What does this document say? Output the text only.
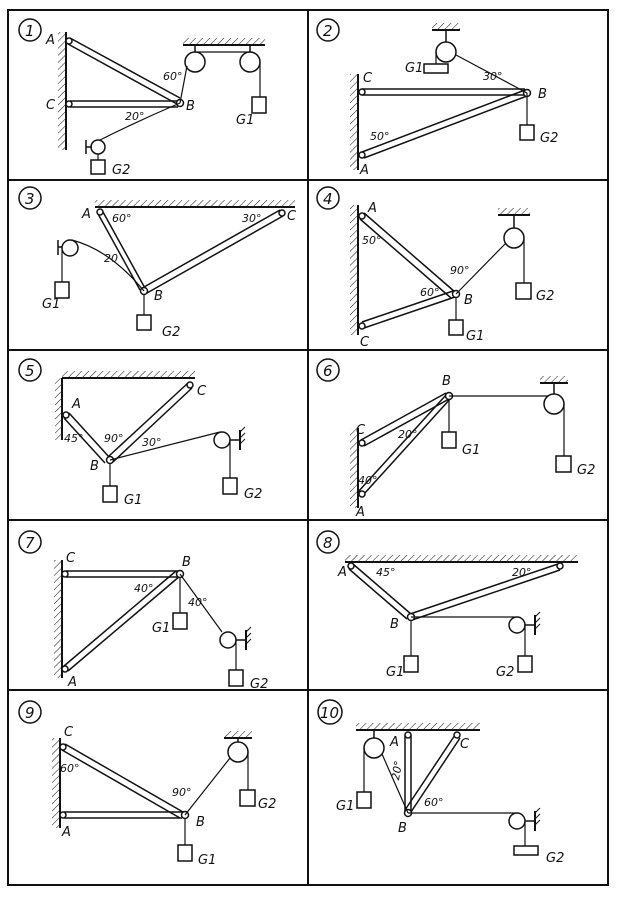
1
A
C	B
G1
G2
60°
20°
2
C
B
A
G1
G2
30°
50°
3
A	C
B
G1
G2
60°	30°
20
4
A
B
C	G1
G2
50°
90°
60°
5
A
C
B
G1	G2
45° 90° 30°
6
B
C
A
G1
G2
20°
40°
7
C	B
A
G1
G2
40°
40°
8
A
B
G1	G2
45°	20°
9
C
A
B
G1
G2
60°
90°
10
A	C
B
G1
G2
20°
60°
